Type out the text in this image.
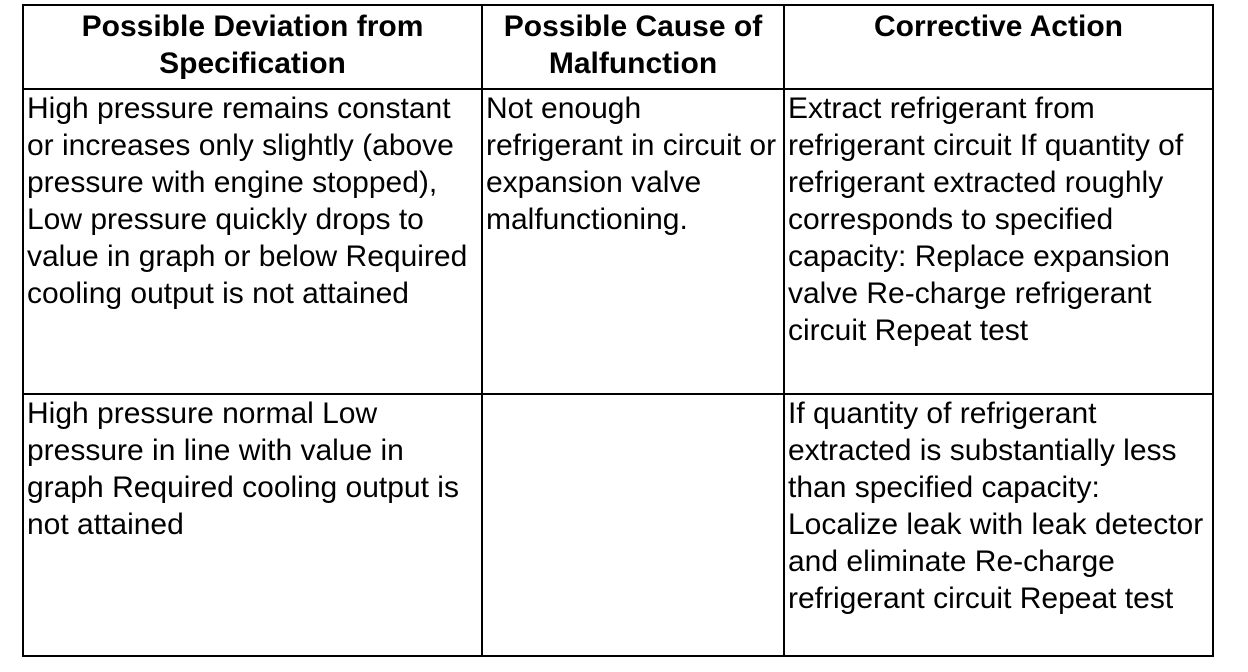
Possible Deviation from Specification	Possible Cause of Malfunction	Corrective Action
High pressure remains constant or increases only slightly (above pressure with engine stopped), Low pressure quickly drops to value in graph or below Required cooling output is not attained	Not enough refrigerant in circuit or expansion valve malfunctioning.	Extract refrigerant from refrigerant circuit If quantity of refrigerant extracted roughly corresponds to specified capacity: Replace expansion valve Re-charge refrigerant circuit Repeat test
High pressure normal Low pressure in line with value in graph Required cooling output is not attained		If quantity of refrigerant extracted is substantially less than specified capacity: Localize leak with leak detector and eliminate Re-charge refrigerant circuit Repeat test
